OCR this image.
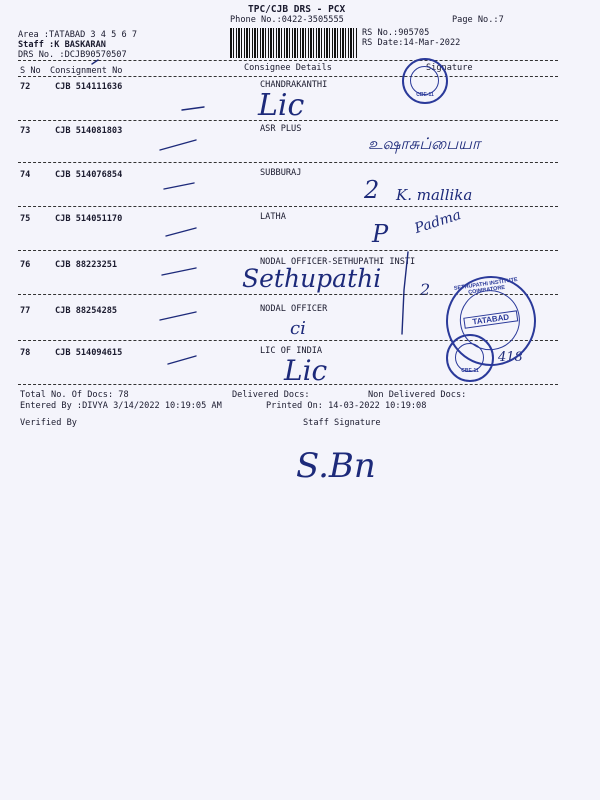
TPC/CJB DRS - PCX
Phone No.:0422-3505555	Page No.:7
Area :TATABAD 3 4 5 6 7
Staff :K BASKARAN
DRS No. :DCJB90570507
RS No.:905705
RS Date:14-Mar-2022
S No Consignment No	Consignee Details	Signature
72	CJB 514111636	CHANDRAKANTHI
Lic
73	CJB 514081803	ASR PLUS
உஷாசுப்பையா
74	CJB 514076854	SUBBURAJ
2 K. mallika
75	CJB 514051170	LATHA
P Padma
76	CJB 88223251	NODAL OFFICER-SETHUPATHI INSTI
Sethupathi 2
77	CJB 88254285	NODAL OFFICER
ci
78	CJB 514094615	LIC OF INDIA
Lic	418
Total No. Of Docs: 78	Delivered Docs:	Non Delivered Docs:
Entered By :DIVYA 3/14/2022 10:19:05 AM	Printed On: 14-03-2022 10:19:08
Verified By	Staff Signature
S.Bn
CBE-11
SETHUPATHI INSTITUTE COIMBATORE
TATABAD
CBE-11
